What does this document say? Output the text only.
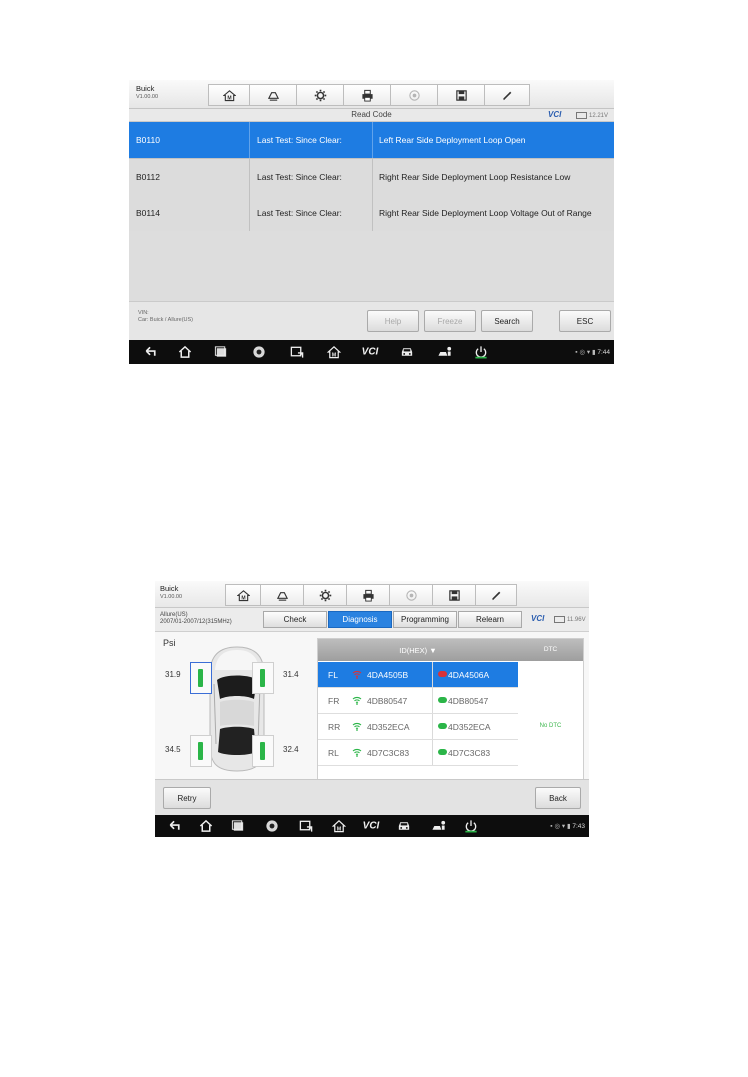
Buick
V1.00.00	M
Read Code	VCI	12.21V
B0110	Last Test: Since Clear:	Left Rear Side Deployment Loop Open
B0112	Last Test: Since Clear:	Right Rear Side Deployment Loop Resistance Low
B0114	Last Test: Since Clear:	Right Rear Side Deployment Loop Voltage Out of Range
VIN:
Car: Buick / Allure(US)	Help	Freeze	Search	ESC
M	VCI	▪ ◎ ▾ ▮ 7:44
Buick
V1.00.00	M
Allure(US)
2007/01-2007/12(315MHz)	Check	Diagnosis	Programming	Relearn	VCI	11.96V
Psi
31.9	31.4
34.5	32.4
ID(HEX) ▼	DTC
FL	4DA4505B	4DA4506A
FR	4DB80547	4DB80547
RR	4D352ECA	4D352ECA
RL	4D7C3C83	4D7C3C83
No DTC
Retry	Back
M VCI	▪ ◎ ▾ ▮ 7:43
